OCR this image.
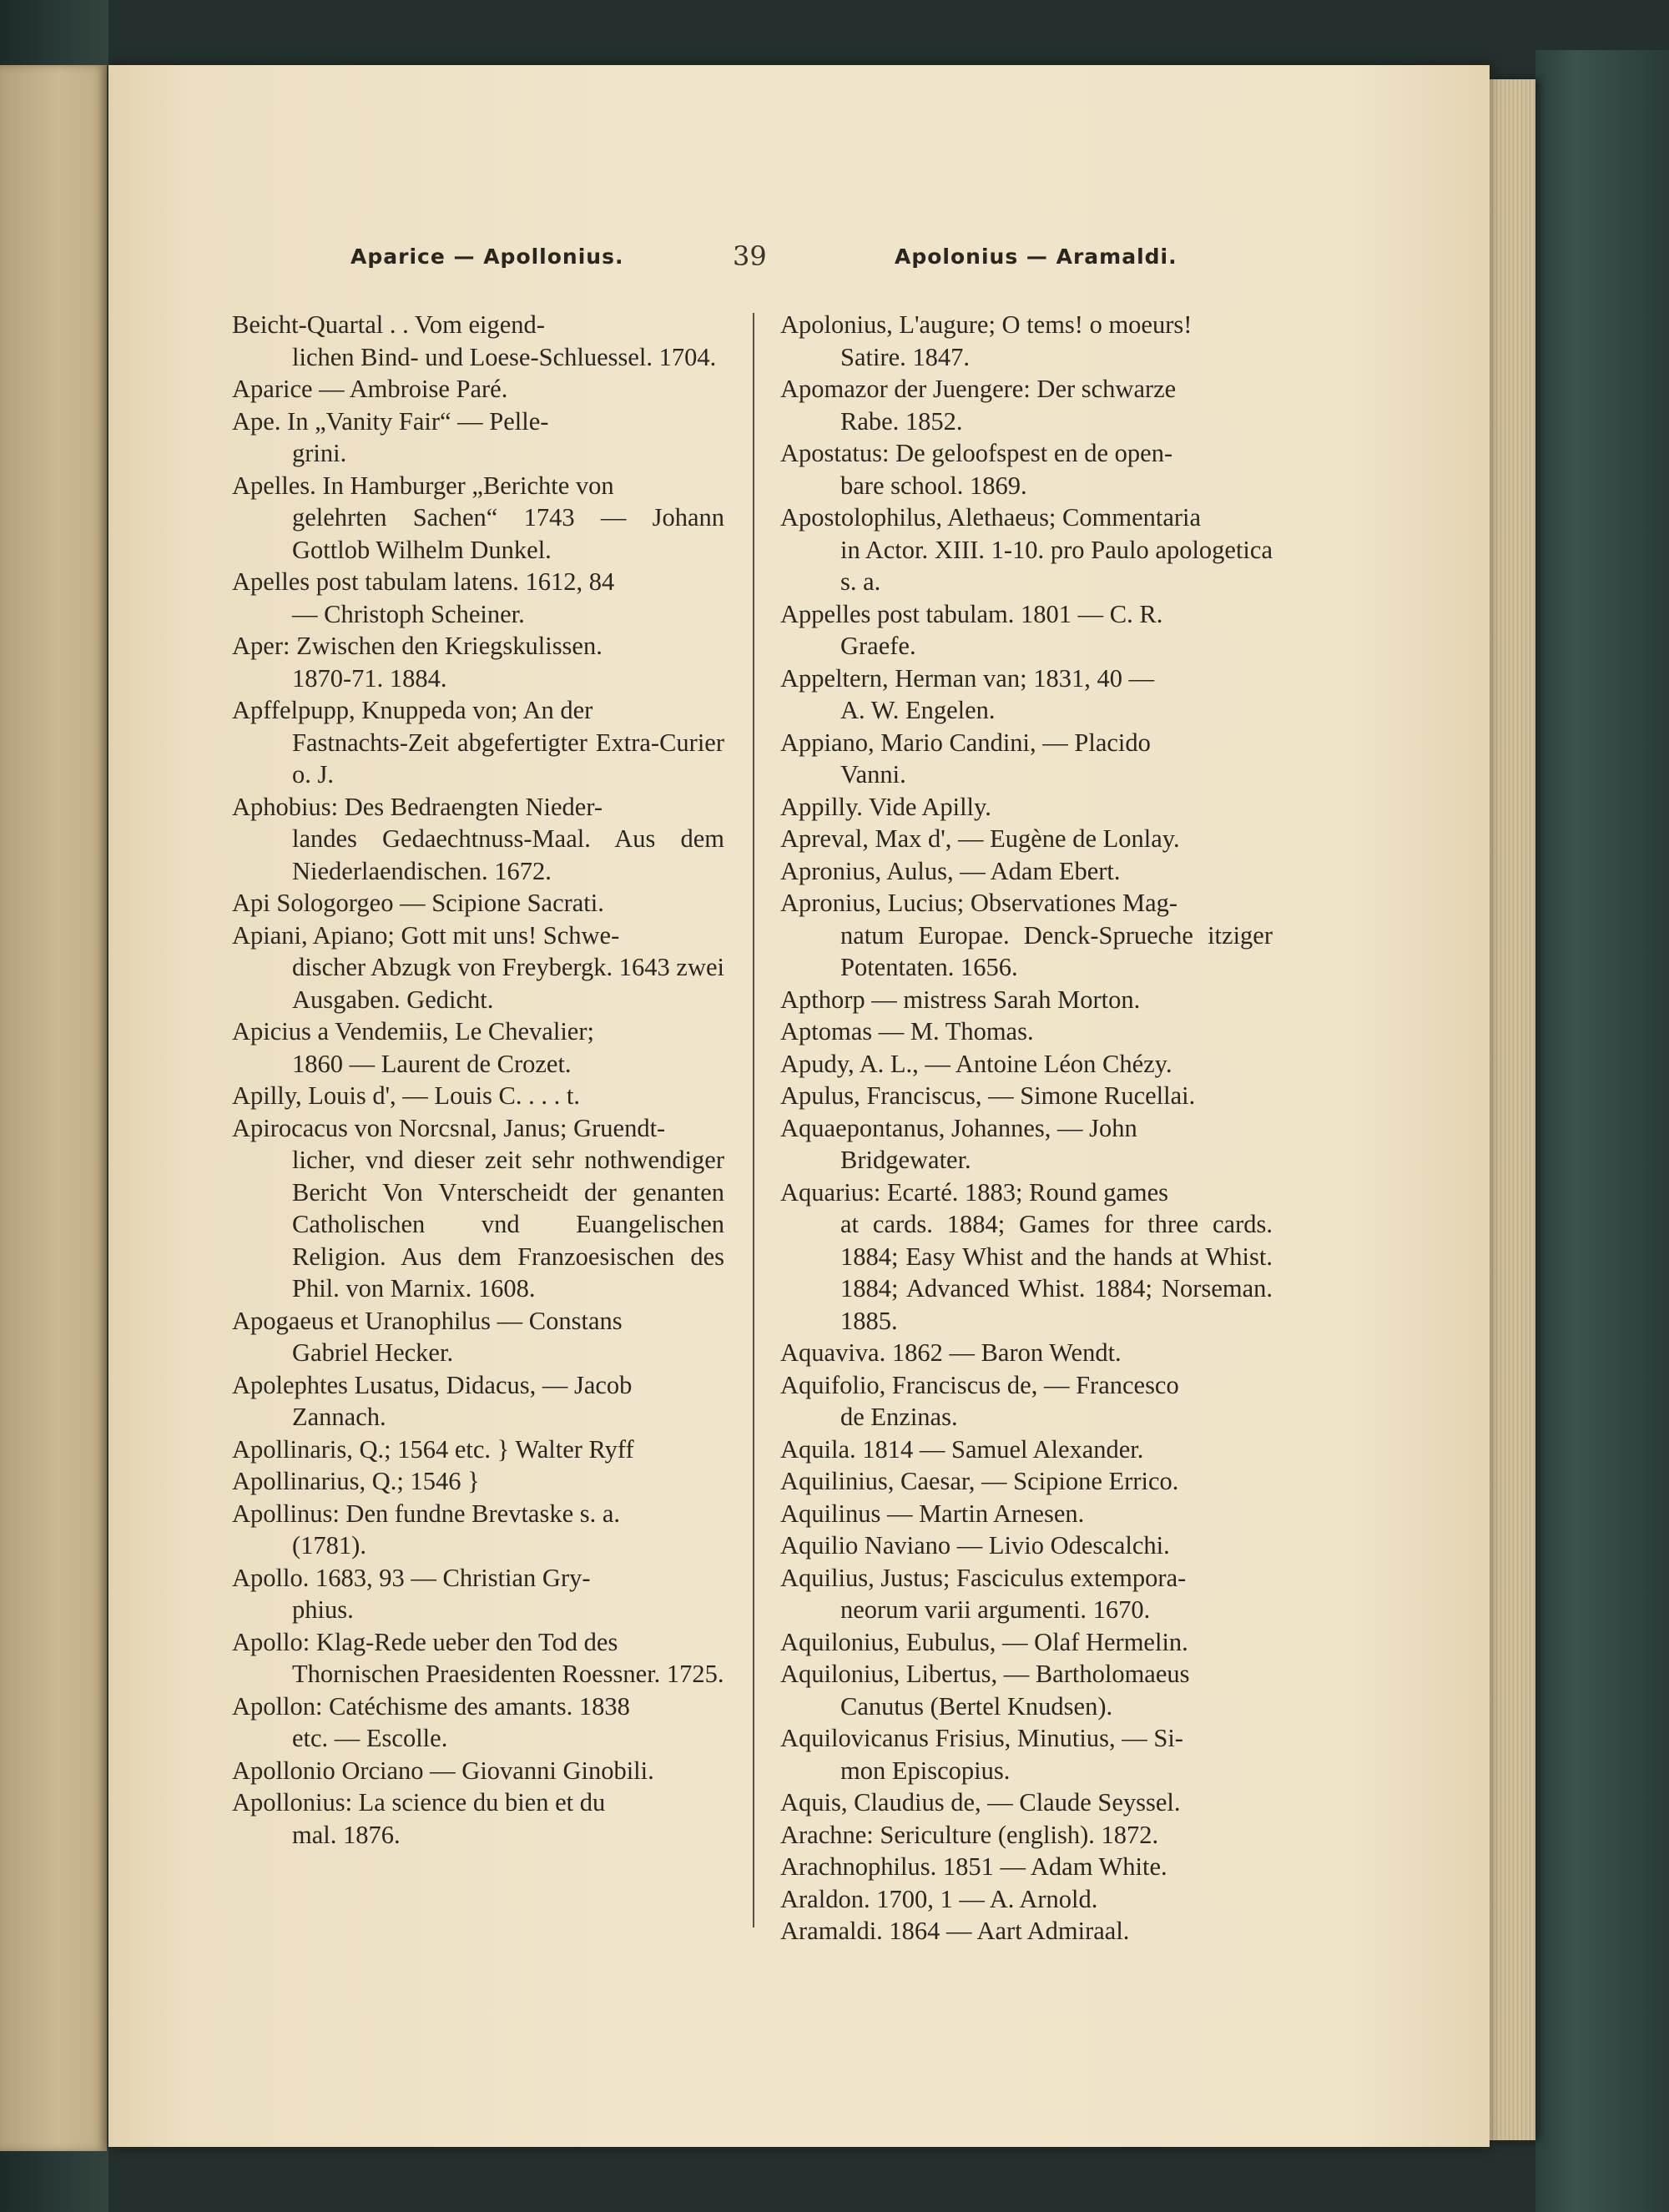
Aparice — Apollonius.	39	Apolonius — Aramaldi.
Beicht-Quartal . . Vom eigend-
lichen Bind- und Loese-Schluessel. 1704.
Aparice — Ambroise Paré.
Ape. In „Vanity Fair“ — Pelle-
grini.
Apelles. In Hamburger „Berichte von
gelehrten Sachen“ 1743 — Johann Gottlob Wilhelm Dunkel.
Apelles post tabulam latens. 1612, 84
— Christoph Scheiner.
Aper: Zwischen den Kriegskulissen.
1870-71. 1884.
Apffelpupp, Knuppeda von; An der
Fastnachts-Zeit abgefertigter Extra-Curier o. J.
Aphobius: Des Bedraengten Nieder-
landes Gedaechtnuss-Maal. Aus dem Niederlaendischen. 1672.
Api Sologorgeo — Scipione Sacrati.
Apiani, Apiano; Gott mit uns! Schwe-
discher Abzugk von Freybergk. 1643 zwei Ausgaben. Gedicht.
Apicius a Vendemiis, Le Chevalier;
1860 — Laurent de Crozet.
Apilly, Louis d', — Louis C. . . . t.
Apirocacus von Norcsnal, Janus; Gruendt-
licher, vnd dieser zeit sehr nothwendiger Bericht Von Vnterscheidt der genanten Catholischen vnd Euangelischen Religion. Aus dem Franzoesischen des Phil. von Marnix. 1608.
Apogaeus et Uranophilus — Constans
Gabriel Hecker.
Apolephtes Lusatus, Didacus, — Jacob
Zannach.
Apollinaris, Q.; 1564 etc. } Walter Ryff
Apollinarius, Q.; 1546 }
Apollinus: Den fundne Brevtaske s. a.
(1781).
Apollo. 1683, 93 — Christian Gry-
phius.
Apollo: Klag-Rede ueber den Tod des
Thornischen Praesidenten Roessner. 1725.
Apollon: Catéchisme des amants. 1838
etc. — Escolle.
Apollonio Orciano — Giovanni Ginobili.
Apollonius: La science du bien et du
mal. 1876.
Apolonius, L'augure; O tems! o moeurs!
Satire. 1847.
Apomazor der Juengere: Der schwarze
Rabe. 1852.
Apostatus: De geloofspest en de open-
bare school. 1869.
Apostolophilus, Alethaeus; Commentaria
in Actor. XIII. 1-10. pro Paulo apologetica s. a.
Appelles post tabulam. 1801 — C. R.
Graefe.
Appeltern, Herman van; 1831, 40 —
A. W. Engelen.
Appiano, Mario Candini, — Placido
Vanni.
Appilly. Vide Apilly.
Apreval, Max d', — Eugène de Lonlay.
Apronius, Aulus, — Adam Ebert.
Apronius, Lucius; Observationes Mag-
natum Europae. Denck-Sprueche itziger Potentaten. 1656.
Apthorp — mistress Sarah Morton.
Aptomas — M. Thomas.
Apudy, A. L., — Antoine Léon Chézy.
Apulus, Franciscus, — Simone Rucellai.
Aquaepontanus, Johannes, — John
Bridgewater.
Aquarius: Ecarté. 1883; Round games
at cards. 1884; Games for three cards. 1884; Easy Whist and the hands at Whist. 1884; Advanced Whist. 1884; Norseman. 1885.
Aquaviva. 1862 — Baron Wendt.
Aquifolio, Franciscus de, — Francesco
de Enzinas.
Aquila. 1814 — Samuel Alexander.
Aquilinius, Caesar, — Scipione Errico.
Aquilinus — Martin Arnesen.
Aquilio Naviano — Livio Odescalchi.
Aquilius, Justus; Fasciculus extempora-
neorum varii argumenti. 1670.
Aquilonius, Eubulus, — Olaf Hermelin.
Aquilonius, Libertus, — Bartholomaeus
Canutus (Bertel Knudsen).
Aquilovicanus Frisius, Minutius, — Si-
mon Episcopius.
Aquis, Claudius de, — Claude Seyssel.
Arachne: Sericulture (english). 1872.
Arachnophilus. 1851 — Adam White.
Araldon. 1700, 1 — A. Arnold.
Aramaldi. 1864 — Aart Admiraal.
